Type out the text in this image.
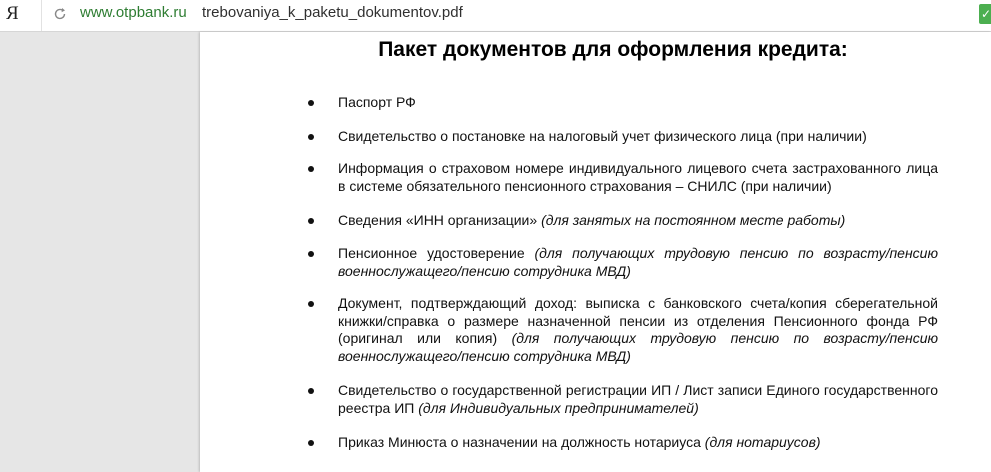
Я	www.otpbank.ru trebovaniya_k_paketu_dokumentov.pdf	✓
Пакет документов для оформления кредита:
Паспорт РФ
Свидетельство о постановке на налоговый учет физического лица (при наличии)
Информация о страховом номере индивидуального лицевого счета застрахованного лица в системе обязательного пенсионного страхования – СНИЛС (при наличии)
Сведения «ИНН организации» (для занятых на постоянном месте работы)
Пенсионное удостоверение (для получающих трудовую пенсию по возрасту/пенсию военнослужащего/пенсию сотрудника МВД)
Документ, подтверждающий доход: выписка с банковского счета/копия сберегательной книжки/справка о размере назначенной пенсии из отделения Пенсионного фонда РФ (оригинал или копия) (для получающих трудовую пенсию по возрасту/пенсию военнослужащего/пенсию сотрудника МВД)
Свидетельство о государственной регистрации ИП / Лист записи Единого государственного реестра ИП (для Индивидуальных предпринимателей)
Приказ Минюста о назначении на должность нотариуса (для нотариусов)
